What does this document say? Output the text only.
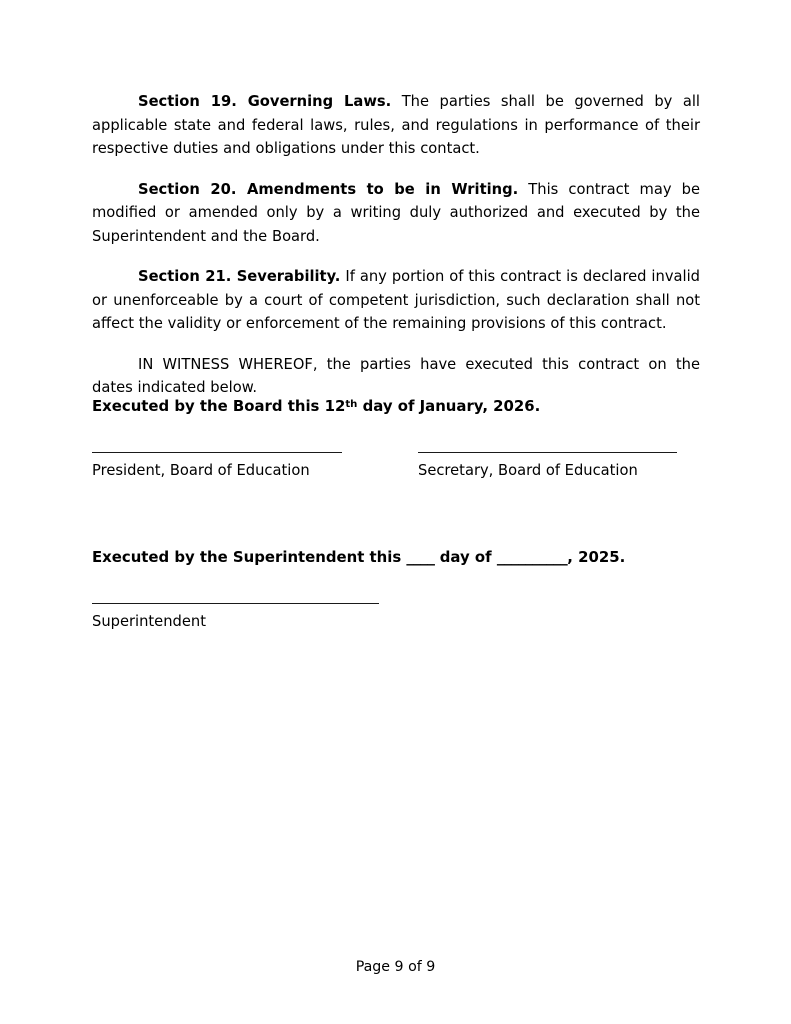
Section 19. Governing Laws. The parties shall be governed by all applicable state and federal laws, rules, and regulations in performance of their respective duties and obligations under this contact.

Section 20. Amendments to be in Writing. This contract may be modified or amended only by a writing duly authorized and executed by the Superintendent and the Board.

Section 21. Severability. If any portion of this contract is declared invalid or unenforceable by a court of competent jurisdiction, such declaration shall not affect the validity or enforcement of the remaining provisions of this contract.

IN WITNESS WHEREOF, the parties have executed this contract on the dates indicated below.

Executed by the Board this 12th day of January, 2026.
President, Board of Education	Secretary, Board of Education
Executed by the Superintendent this ____ day of __________, 2025.
Superintendent
Page 9 of 9
